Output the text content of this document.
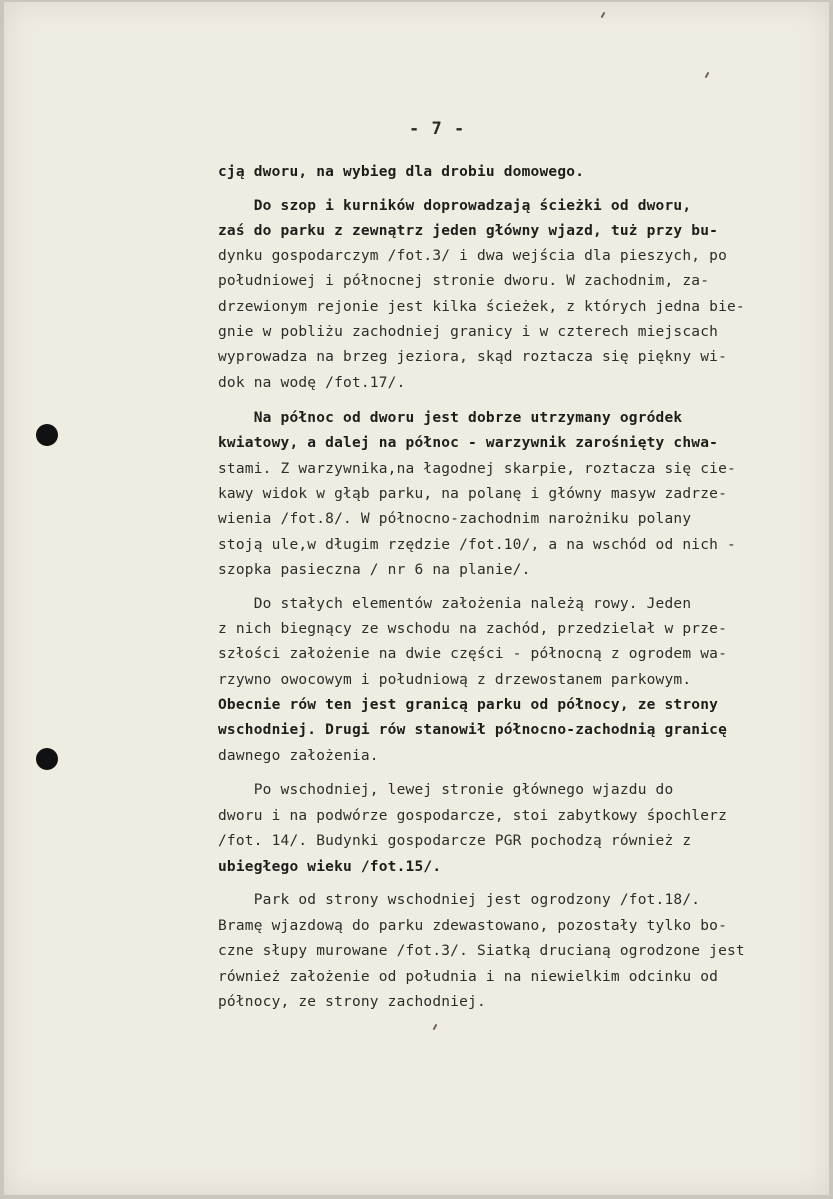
- 7 -
cją dworu, na wybieg dla drobiu domowego.
Do szop i kurników doprowadzają ścieżki od dworu,
zaś do parku z zewnątrz jeden główny wjazd, tuż przy bu-
dynku gospodarczym /fot.3/ i dwa wejścia dla pieszych, po
południowej i północnej stronie dworu. W zachodnim, za-
drzewionym rejonie jest kilka ścieżek, z których jedna bie-
gnie w pobliżu zachodniej granicy i w czterech miejscach
wyprowadza na brzeg jeziora, skąd roztacza się piękny wi-
dok na wodę /fot.17/.
Na północ od dworu jest dobrze utrzymany ogródek
kwiatowy, a dalej na północ - warzywnik zarośnięty chwa-
stami. Z warzywnika,na łagodnej skarpie, roztacza się cie-
kawy widok w głąb parku, na polanę i główny masyw zadrze-
wienia /fot.8/. W północno-zachodnim narożniku polany
stoją ule,w długim rzędzie /fot.10/, a na wschód od nich -
szopka pasieczna / nr 6 na planie/.
Do stałych elementów założenia należą rowy. Jeden
z nich biegnący ze wschodu na zachód, przedzielał w prze-
szłości założenie na dwie części - północną z ogrodem wa-
rzywno owocowym i południową z drzewostanem parkowym.
Obecnie rów ten jest granicą parku od północy, ze strony
wschodniej. Drugi rów stanowił północno-zachodnią granicę
dawnego założenia.
Po wschodniej, lewej stronie głównego wjazdu do
dworu i na podwórze gospodarcze, stoi zabytkowy śpochlerz
/fot. 14/. Budynki gospodarcze PGR pochodzą również z
ubiegłego wieku /fot.15/.
Park od strony wschodniej jest ogrodzony /fot.18/.
Bramę wjazdową do parku zdewastowano, pozostały tylko bo-
czne słupy murowane /fot.3/. Siatką drucianą ogrodzone jest
również założenie od południa i na niewielkim odcinku od
północy, ze strony zachodniej.
